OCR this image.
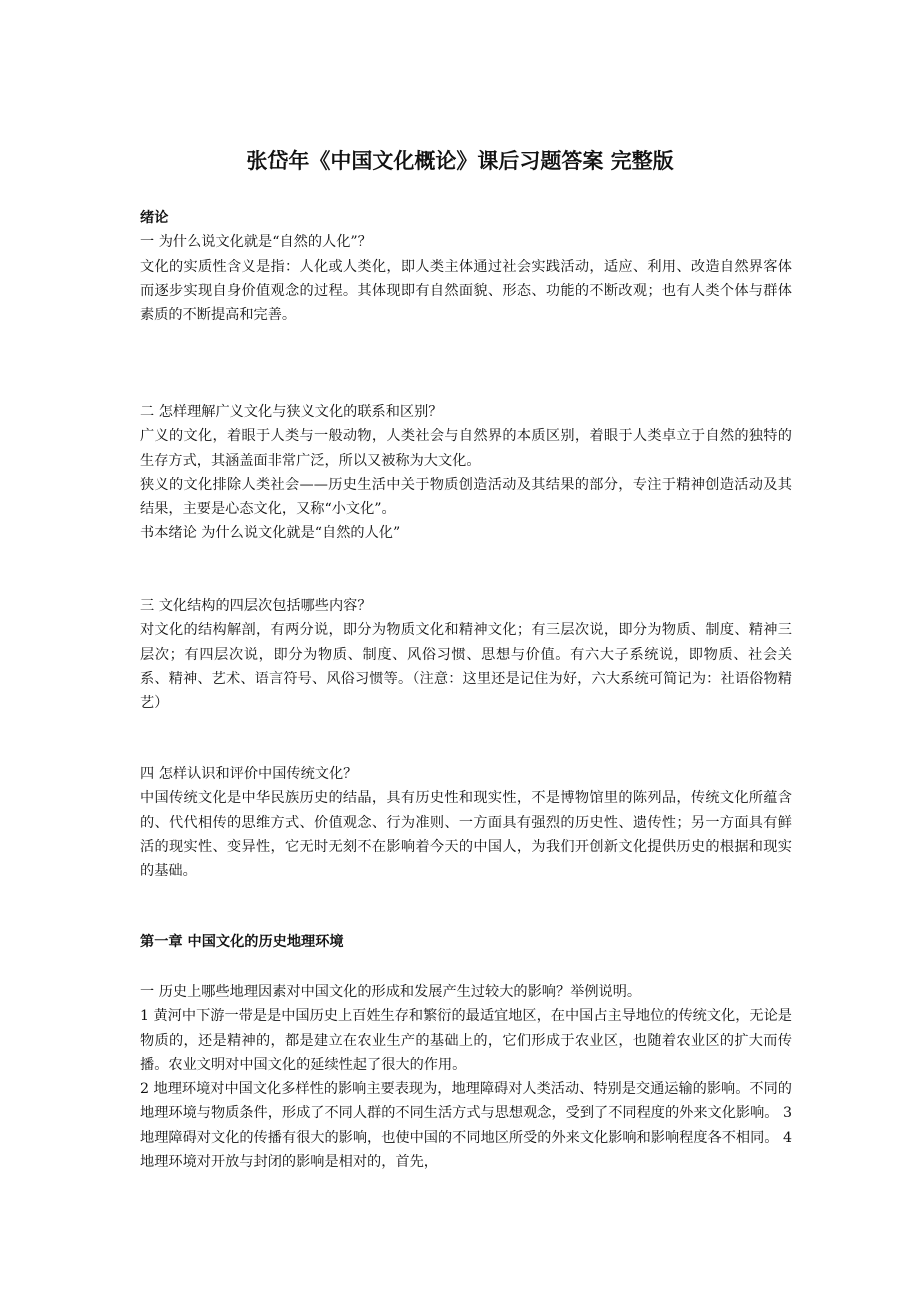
张岱年《中国文化概论》课后习题答案 完整版

绪论

一 为什么说文化就是“自然的人化”？

文化的实质性含义是指：人化或人类化，即人类主体通过社会实践活动，适应、利用、改造自然界客体而逐步实现自身价值观念的过程。其体现即有自然面貌、形态、功能的不断改观；也有人类个体与群体素质的不断提高和完善。

二 怎样理解广义文化与狭义文化的联系和区别？

广义的文化，着眼于人类与一般动物，人类社会与自然界的本质区别，着眼于人类卓立于自然的独特的生存方式，其涵盖面非常广泛，所以又被称为大文化。

狭义的文化排除人类社会——历史生活中关于物质创造活动及其结果的部分，专注于精神创造活动及其结果，主要是心态文化，又称“小文化”。

书本绪论 为什么说文化就是“自然的人化”

三 文化结构的四层次包括哪些内容？

对文化的结构解剖，有两分说，即分为物质文化和精神文化；有三层次说，即分为物质、制度、精神三层次；有四层次说，即分为物质、制度、风俗习惯、思想与价值。有六大子系统说，即物质、社会关系、精神、艺术、语言符号、风俗习惯等。（注意：这里还是记住为好，六大系统可简记为：社语俗物精艺）

四 怎样认识和评价中国传统文化？

中国传统文化是中华民族历史的结晶，具有历史性和现实性，不是博物馆里的陈列品，传统文化所蕴含的、代代相传的思维方式、价值观念、行为准则、一方面具有强烈的历史性、遗传性；另一方面具有鲜活的现实性、变异性，它无时无刻不在影响着今天的中国人，为我们开创新文化提供历史的根据和现实的基础。

第一章 中国文化的历史地理环境

一 历史上哪些地理因素对中国文化的形成和发展产生过较大的影响？举例说明。

1 黄河中下游一带是是中国历史上百姓生存和繁衍的最适宜地区，在中国占主导地位的传统文化，无论是物质的，还是精神的，都是建立在农业生产的基础上的，它们形成于农业区，也随着农业区的扩大而传播。农业文明对中国文化的延续性起了很大的作用。

2 地理环境对中国文化多样性的影响主要表现为，地理障碍对人类活动、特别是交通运输的影响。不同的地理环境与物质条件，形成了不同人群的不同生活方式与思想观念，受到了不同程度的外来文化影响。 3 地理障碍对文化的传播有很大的影响，也使中国的不同地区所受的外来文化影响和影响程度各不相同。 4 地理环境对开放与封闭的影响是相对的，首先，
